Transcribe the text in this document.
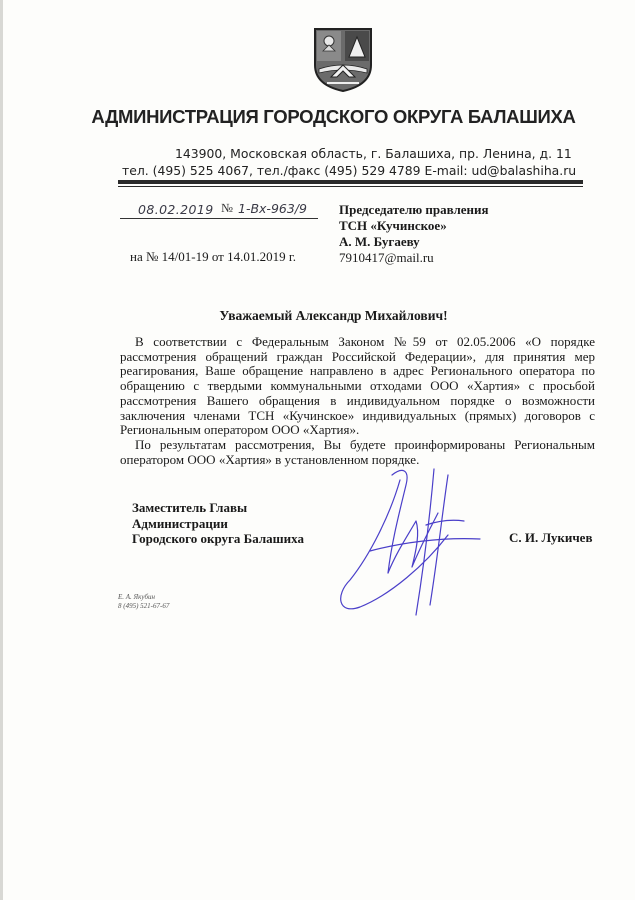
АДМИНИСТРАЦИЯ ГОРОДСКОГО ОКРУГА БАЛАШИХА
143900, Московская область, г. Балашиха, пр. Ленина, д. 11
тел. (495) 525 4067, тел./факс (495) 529 4789 E-mail: ud@balashiha.ru
08.02.2019 № 1-Вх-963/9
на № 14/01-19 от 14.01.2019 г.
Председателю правления
ТСН «Кучинское»
А. М. Бугаеву
7910417@mail.ru
Уважаемый Александр Михайлович!

В соответствии с Федеральным Законом №59 от 02.05.2006 «О порядке рассмотрения обращений граждан Российской Федерации», для принятия мер реагирования, Ваше обращение направлено в адрес Регионального оператора по обращению с твердыми коммунальными отходами ООО «Хартия» с просьбой рассмотрения Вашего обращения в индивидуальном порядке о возможности заключения членами ТСН «Кучинское» индивидуальных (прямых) договоров с Региональным оператором ООО «Хартия».

По результатам рассмотрения, Вы будете проинформированы Региональным оператором ООО «Хартия» в установленном порядке.

Заместитель Главы
Администрации
Городского округа Балашиха	С. И. Лукичев
Е. А. Якубин
8 (495) 521-67-67
